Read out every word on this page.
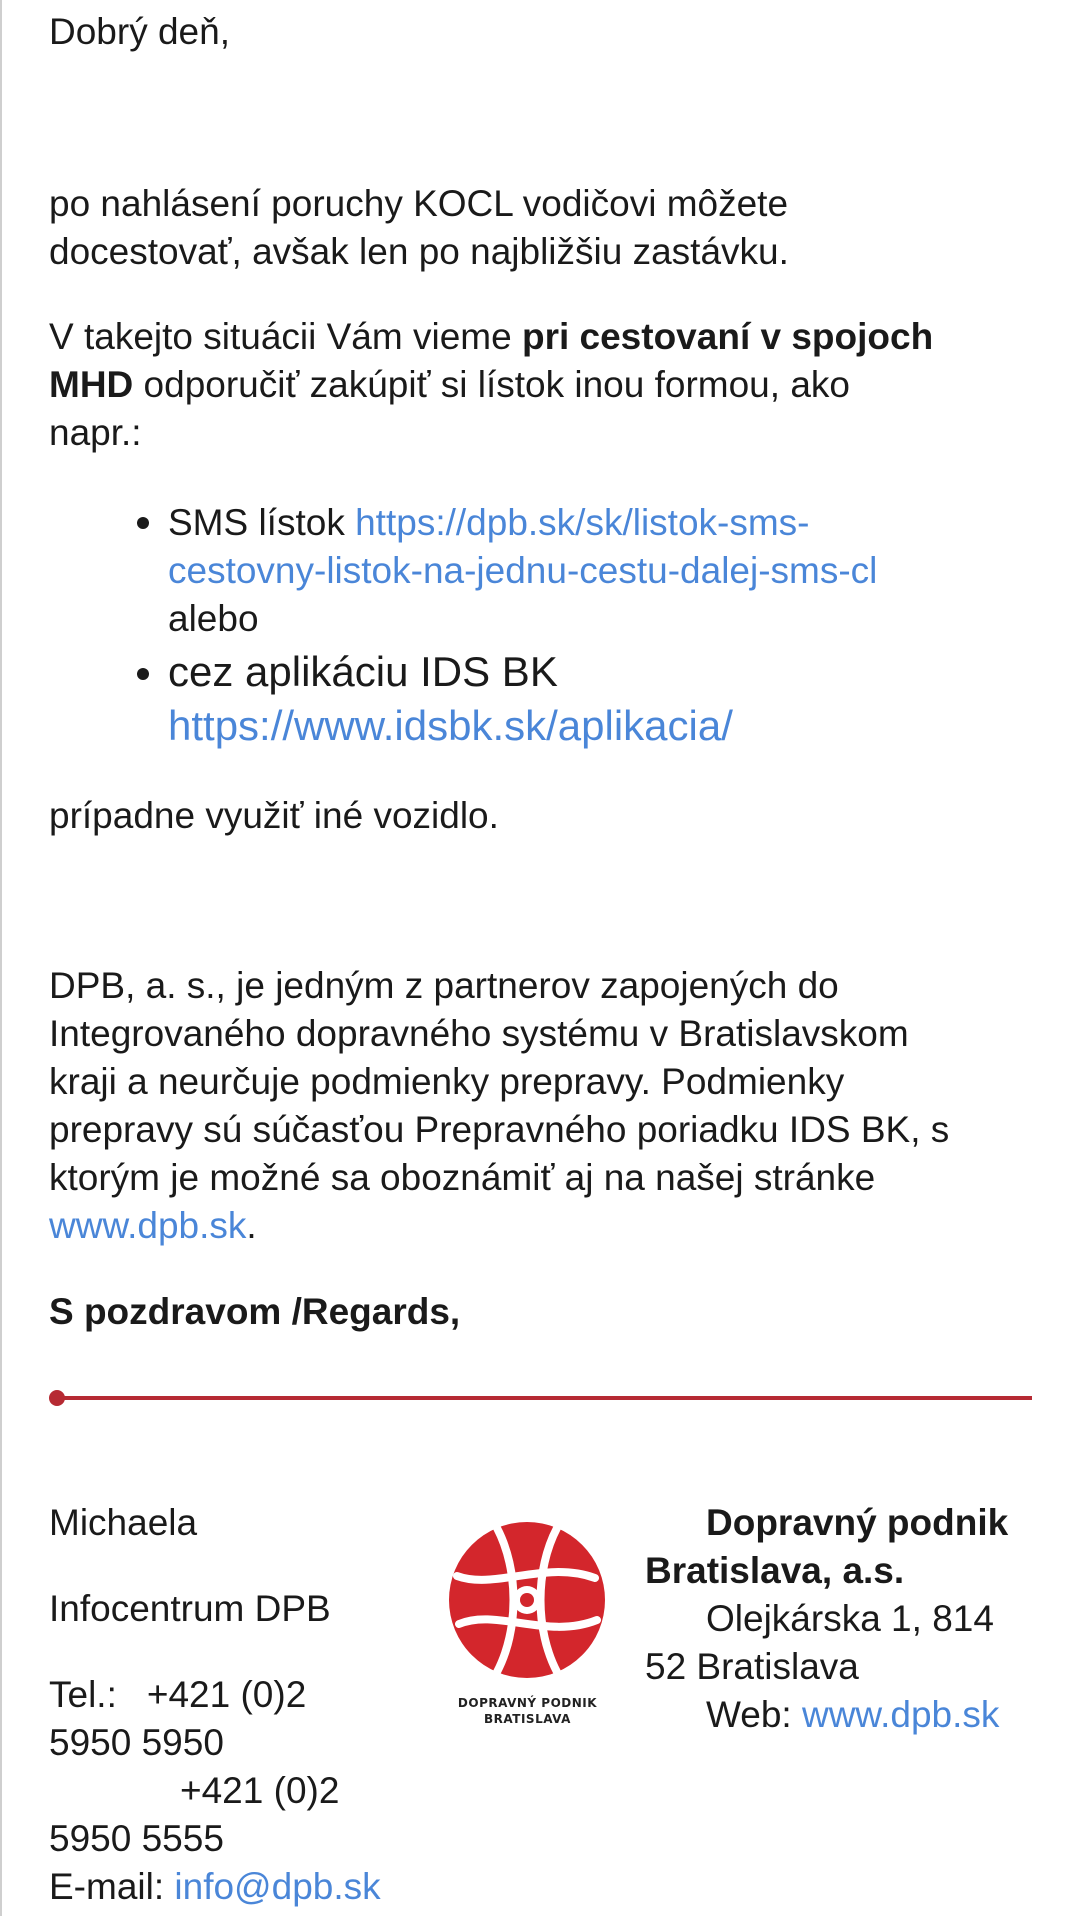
Dobrý deň,

po nahlásení poruchy KOCL vodičovi môžete

docestovať, avšak len po najbližšiu zastávku.

V takejto situácii Vám vieme pri cestovaní v spojoch

MHD odporučiť zakúpiť si lístok inou formou, ako

napr.:

SMS lístok https://dpb.sk/sk/listok-sms-
cestovny-listok-na-jednu-cestu-dalej-sms-cl
alebo
cez aplikáciu IDS BK
https://www.idsbk.sk/aplikacia/

prípadne využiť iné vozidlo.

DPB, a. s., je jedným z partnerov zapojených do

Integrovaného dopravného systému v Bratislavskom

kraji a neurčuje podmienky prepravy. Podmienky

prepravy sú súčasťou Prepravného poriadku IDS BK, s

ktorým je možné sa oboznámiť aj na našej stránke

www.dpb.sk.

S pozdravom /Regards,

Michaela
Infocentrum DPB
Tel.: +421 (0)2
5950 5950
+421 (0)2
5950 5555
E-mail: info@dpb.sk
DOPRAVNÝ PODNIK
BRATISLAVA
Dopravný podnik
Bratislava, a.s.
Olejkárska 1, 814
52 Bratislava
Web: www.dpb.sk
